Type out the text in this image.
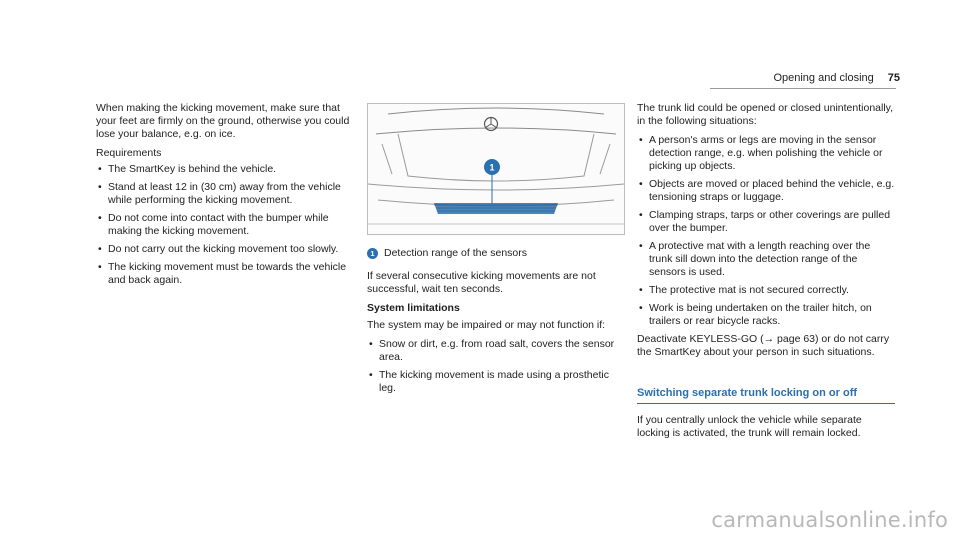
Opening and closing 75

When making the kicking movement, make sure that your feet are firmly on the ground, otherwise you could lose your balance, e.g. on ice.

Requirements

• The SmartKey is behind the vehicle.
• Stand at least 12 in (30 cm) away from the vehicle while performing the kicking movement.
• Do not come into contact with the bumper while making the kicking movement.
• Do not carry out the kicking movement too slowly.
• The kicking movement must be towards the vehicle and back again.
1
1 Detection range of the sensors

If several consecutive kicking movements are not successful, wait ten seconds.

System limitations

The system may be impaired or may not function if:

• Snow or dirt, e.g. from road salt, covers the sensor area.
• The kicking movement is made using a prosthetic leg.

The trunk lid could be opened or closed unintentionally, in the following situations:

• A person's arms or legs are moving in the sensor detection range, e.g. when polishing the vehicle or picking up objects.
• Objects are moved or placed behind the vehicle, e.g. tensioning straps or luggage.
• Clamping straps, tarps or other coverings are pulled over the bumper.
• A protective mat with a length reaching over the trunk sill down into the detection range of the sensors is used.
• The protective mat is not secured correctly.
• Work is being undertaken on the trailer hitch, on trailers or rear bicycle racks.

Deactivate KEYLESS-GO (→ page 63) or do not carry the SmartKey about your person in such situations.

Switching separate trunk locking on or off

If you centrally unlock the vehicle while separate locking is activated, the trunk will remain locked.

carmanualsonline.info
